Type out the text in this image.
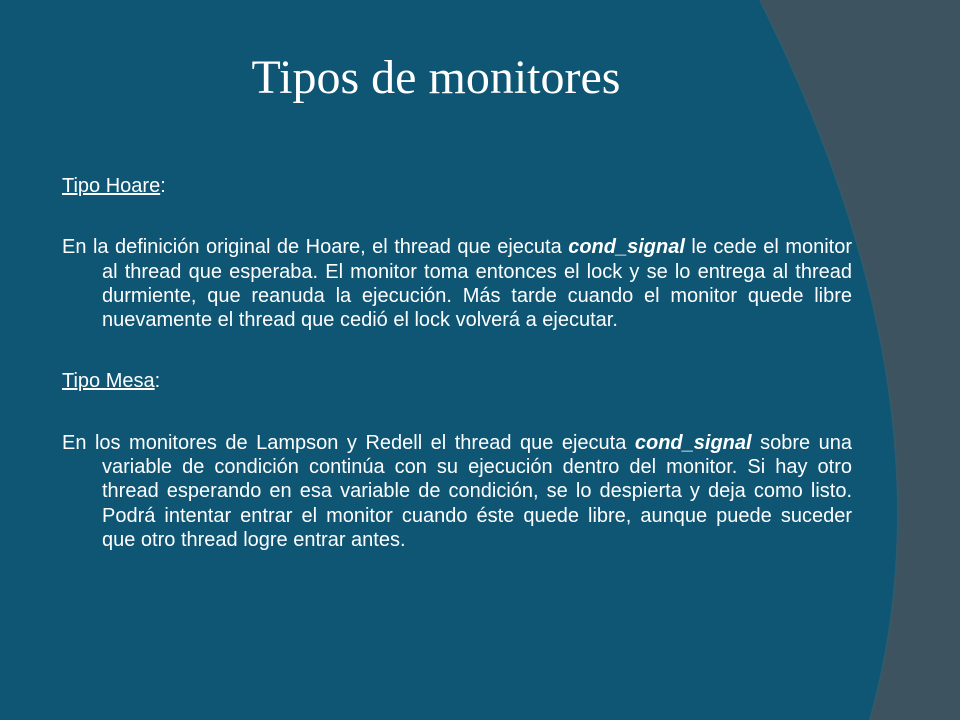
Tipos de monitores

Tipo Hoare:

En la definición original de Hoare, el thread que ejecuta cond_signal le cede el monitor al thread que esperaba. El monitor toma entonces el lock y se lo entrega al thread durmiente, que reanuda la ejecución. Más tarde cuando el monitor quede libre nuevamente el thread que cedió el lock volverá a ejecutar.

Tipo Mesa:

En los monitores de Lampson y Redell el thread que ejecuta cond_signal sobre una variable de condición continúa con su ejecución dentro del monitor. Si hay otro thread esperando en esa variable de condición, se lo despierta y deja como listo. Podrá intentar entrar el monitor cuando éste quede libre, aunque puede suceder que otro thread logre entrar antes.
